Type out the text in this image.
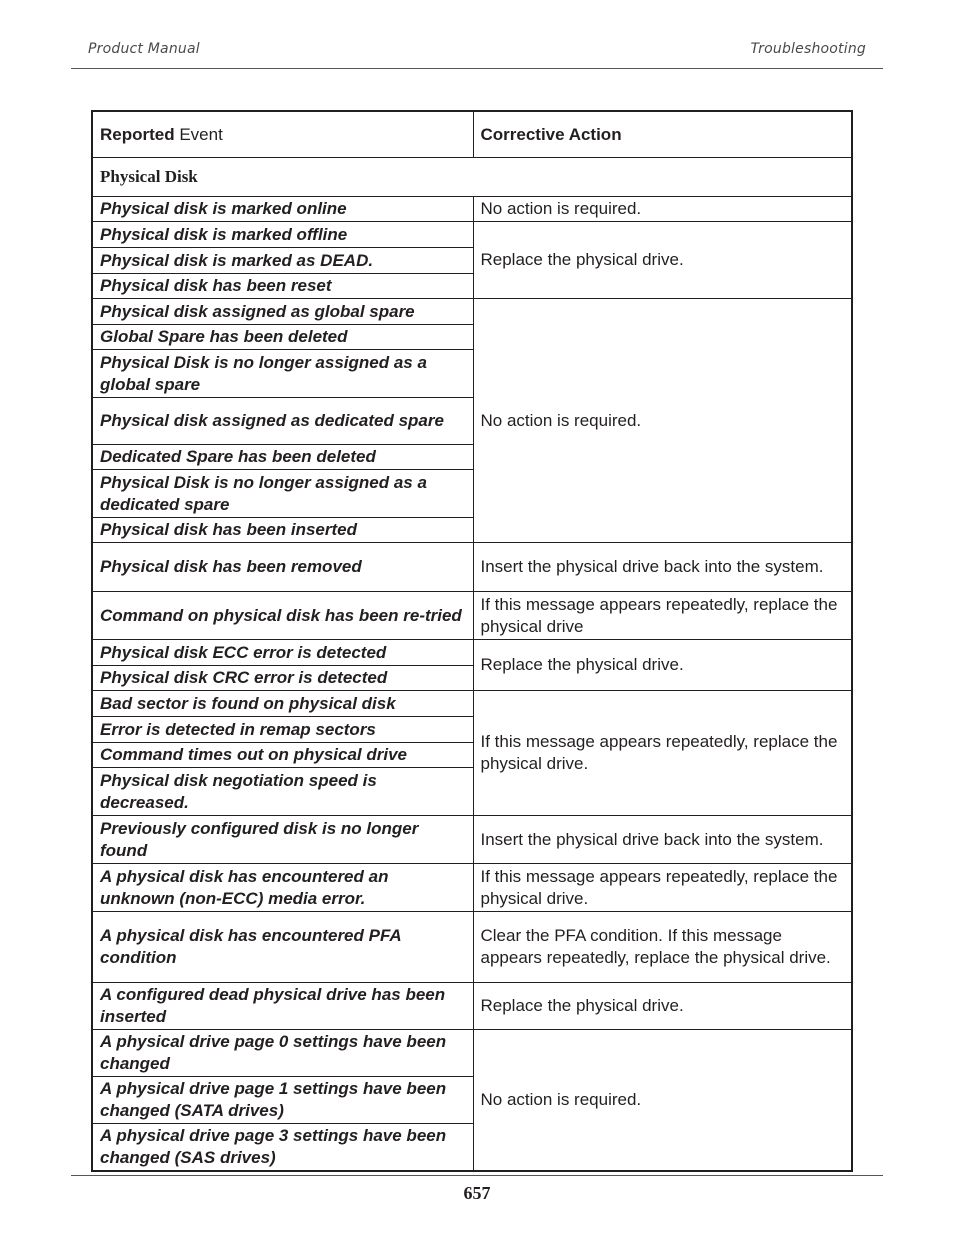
Product Manual	Troubleshooting
Reported Event	Corrective Action
Physical Disk	
Physical disk is marked online	No action is required.
Physical disk is marked offline	Replace the physical drive.
Physical disk is marked as DEAD.	
Physical disk has been reset	
Physical disk assigned as global spare	No action is required.
Global Spare has been deleted	
Physical Disk is no longer assigned as a global spare	
Physical disk assigned as dedicated spare	
Dedicated Spare has been deleted	
Physical Disk is no longer assigned as a dedicated spare	
Physical disk has been inserted	
Physical disk has been removed	Insert the physical drive back into the system.
Command on physical disk has been re-tried	If this message appears repeatedly, replace the physical drive
Physical disk ECC error is detected	Replace the physical drive.
Physical disk CRC error is detected	
Bad sector is found on physical disk	If this message appears repeatedly, replace the physical drive.
Error is detected in remap sectors	
Command times out on physical drive	
Physical disk negotiation speed is decreased.	
Previously configured disk is no longer found	Insert the physical drive back into the system.
A physical disk has encountered an unknown (non-ECC) media error.	If this message appears repeatedly, replace the physical drive.
A physical disk has encountered PFA condition	Clear the PFA condition. If this message appears repeatedly, replace the physical drive.
A configured dead physical drive has been inserted	Replace the physical drive.
A physical drive page 0 settings have been changed	No action is required.
A physical drive page 1 settings have been changed (SATA drives)	
A physical drive page 3 settings have been changed (SAS drives)	
657
